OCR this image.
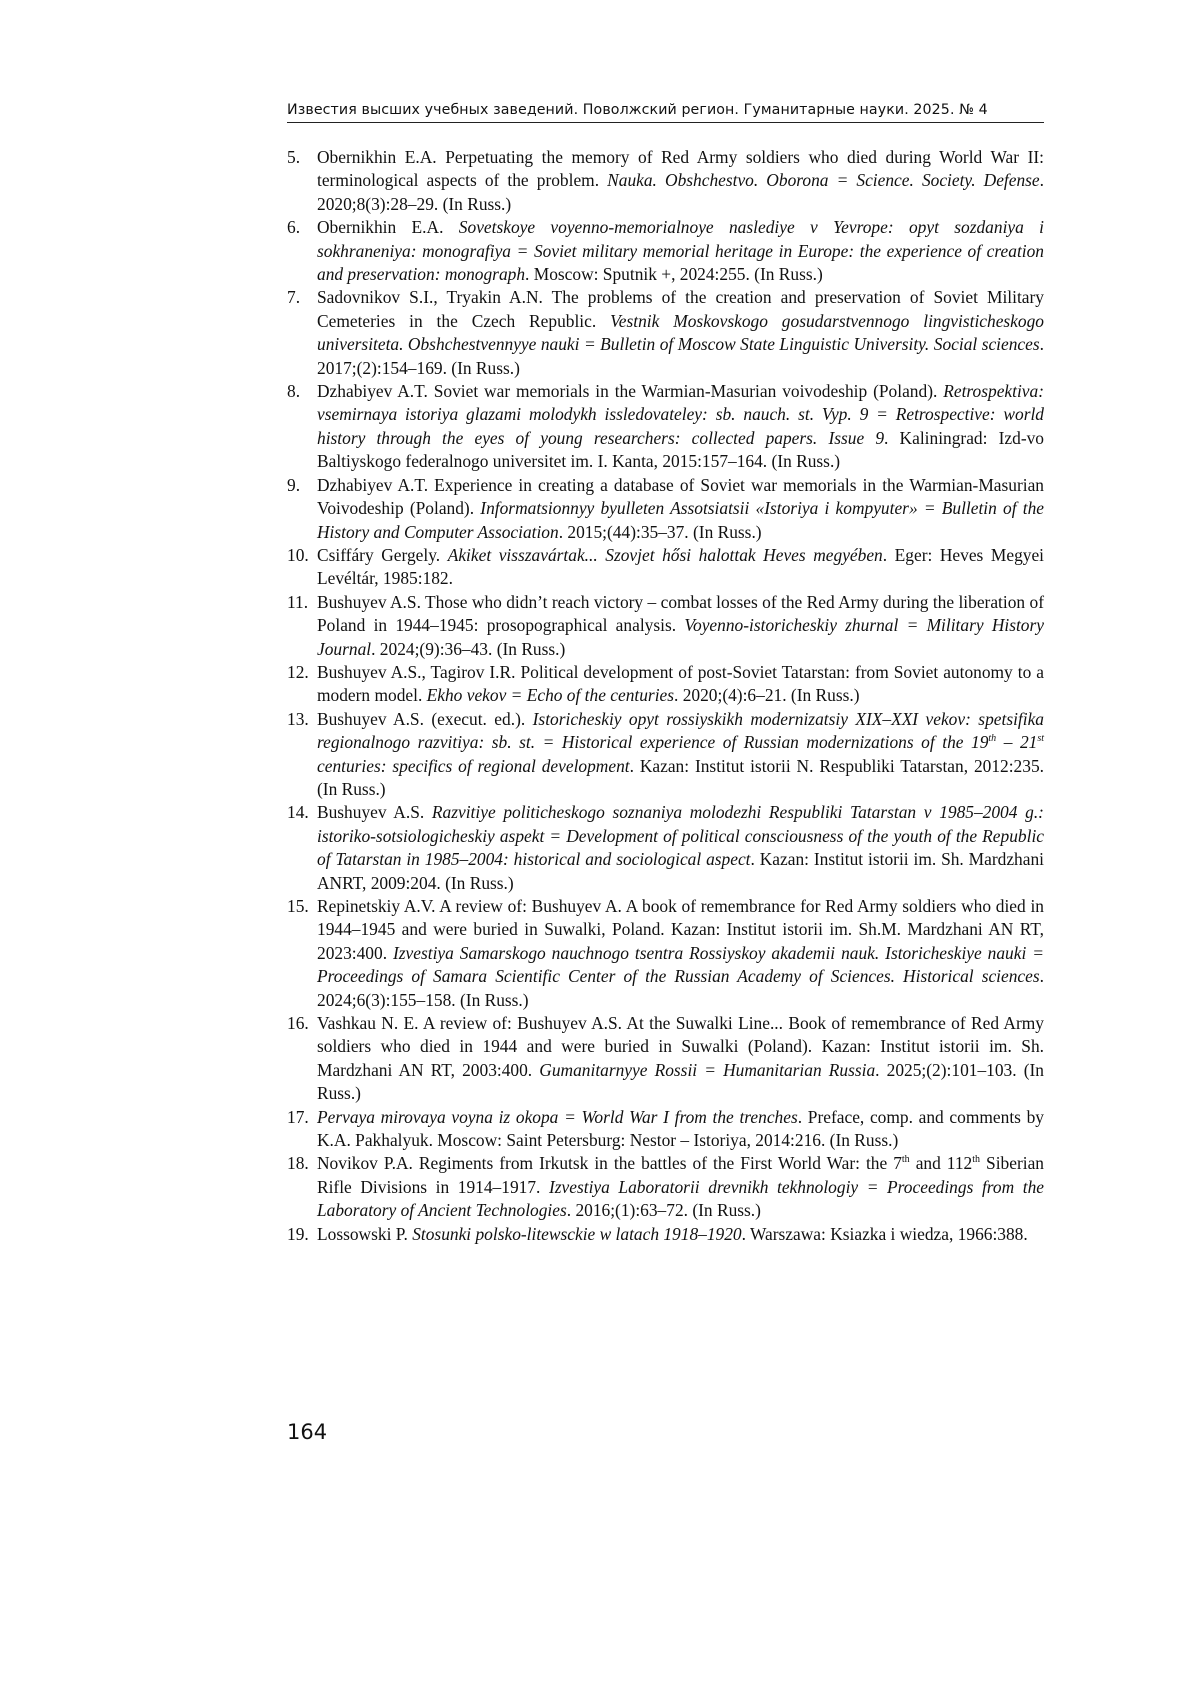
Известия высших учебных заведений. Поволжский регион. Гуманитарные науки. 2025. № 4
5. Obernikhin E.A. Perpetuating the memory of Red Army soldiers who died during World War II: terminological aspects of the problem. Nauka. Obshchestvo. Oborona = Science. Society. Defense. 2020;8(3):28–29. (In Russ.)
6. Obernikhin E.A. Sovetskoye voyenno-memorialnoye naslediye v Yevrope: opyt sozdaniya i sokhraneniya: monografiya = Soviet military memorial heritage in Europe: the experience of creation and preservation: monograph. Moscow: Sputnik +, 2024:255. (In Russ.)
7. Sadovnikov S.I., Tryakin A.N. The problems of the creation and preservation of Soviet Military Cemeteries in the Czech Republic. Vestnik Moskovskogo gosudarstvennogo lingvisticheskogo universiteta. Obshchestvennyye nauki = Bulletin of Moscow State Linguistic University. Social sciences. 2017;(2):154–169. (In Russ.)
8. Dzhabiyev A.T. Soviet war memorials in the Warmian-Masurian voivodeship (Poland). Retrospektiva: vsemirnaya istoriya glazami molodykh issledovateley: sb. nauch. st. Vyp. 9 = Retrospective: world history through the eyes of young researchers: collected papers. Issue 9. Kaliningrad: Izd-vo Baltiyskogo federalnogo universitet im. I. Kanta, 2015:157–164. (In Russ.)
9. Dzhabiyev A.T. Experience in creating a database of Soviet war memorials in the Warmian-Masurian Voivodeship (Poland). Informatsionnyy byulleten Assotsiatsii «Istoriya i kompyuter» = Bulletin of the History and Computer Association. 2015;(44):35–37. (In Russ.)
10. Csiffáry Gergely. Akiket visszavártak... Szovjet hősi halottak Heves megyében. Eger: Heves Megyei Levéltár, 1985:182.
11. Bushuyev A.S. Those who didn’t reach victory – combat losses of the Red Army during the liberation of Poland in 1944–1945: prosopographical analysis. Voyenno-istoricheskiy zhurnal = Military History Journal. 2024;(9):36–43. (In Russ.)
12. Bushuyev A.S., Tagirov I.R. Political development of post-Soviet Tatarstan: from Soviet autonomy to a modern model. Ekho vekov = Echo of the centuries. 2020;(4):6–21. (In Russ.)
13. Bushuyev A.S. (execut. ed.). Istoricheskiy opyt rossiyskikh modernizatsiy XIX–XXI vekov: spetsifika regionalnogo razvitiya: sb. st. = Historical experience of Russian modernizations of the 19th – 21st centuries: specifics of regional development. Kazan: Institut istorii N. Respubliki Tatarstan, 2012:235. (In Russ.)
14. Bushuyev A.S. Razvitiye politicheskogo soznaniya molodezhi Respubliki Tatarstan v 1985–2004 g.: istoriko-sotsiologicheskiy aspekt = Development of political consciousness of the youth of the Republic of Tatarstan in 1985–2004: historical and sociological aspect. Kazan: Institut istorii im. Sh. Mardzhani ANRT, 2009:204. (In Russ.)
15. Repinetskiy A.V. A review of: Bushuyev A. A book of remembrance for Red Army soldiers who died in 1944–1945 and were buried in Suwalki, Poland. Kazan: Institut istorii im. Sh.M. Mardzhani AN RT, 2023:400. Izvestiya Samarskogo nauchnogo tsentra Rossiyskoy akademii nauk. Istoricheskiye nauki = Proceedings of Samara Scientific Center of the Russian Academy of Sciences. Historical sciences. 2024;6(3):155–158. (In Russ.)
16. Vashkau N. E. A review of: Bushuyev A.S. At the Suwalki Line... Book of remembrance of Red Army soldiers who died in 1944 and were buried in Suwalki (Poland). Kazan: Institut istorii im. Sh. Mardzhani AN RT, 2003:400. Gumanitarnyye Rossii = Humanitarian Russia. 2025;(2):101–103. (In Russ.)
17. Pervaya mirovaya voyna iz okopa = World War I from the trenches. Preface, comp. and comments by K.A. Pakhalyuk. Moscow: Saint Petersburg: Nestor – Istoriya, 2014:216. (In Russ.)
18. Novikov P.A. Regiments from Irkutsk in the battles of the First World War: the 7th and 112th Siberian Rifle Divisions in 1914–1917. Izvestiya Laboratorii drevnikh tekhnologiy = Proceedings from the Laboratory of Ancient Technologies. 2016;(1):63–72. (In Russ.)
19. Lossowski P. Stosunki polsko-litewsckie w latach 1918–1920. Warszawa: Ksiazka i wiedza, 1966:388.
164
